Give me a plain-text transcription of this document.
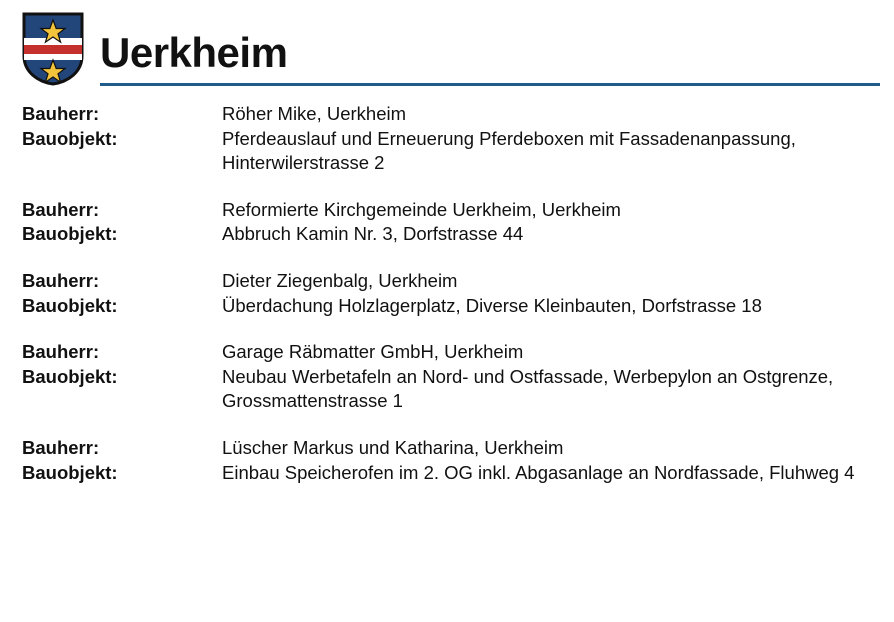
Uerkheim
Bauherr:	Röher Mike, Uerkheim
Bauobjekt:	Pferdeauslauf und Erneuerung Pferdeboxen mit Fassadenanpassung, Hinterwilerstrasse 2
Bauherr:	Reformierte Kirchgemeinde Uerkheim, Uerkheim
Bauobjekt:	Abbruch Kamin Nr. 3, Dorfstrasse 44
Bauherr:	Dieter Ziegenbalg, Uerkheim
Bauobjekt:	Überdachung Holzlagerplatz, Diverse Kleinbauten, Dorfstrasse 18
Bauherr:	Garage Räbmatter GmbH, Uerkheim
Bauobjekt:	Neubau Werbetafeln an Nord- und Ostfassade, Werbepylon an Ostgrenze, Grossmattenstrasse 1
Bauherr:	Lüscher Markus und Katharina, Uerkheim
Bauobjekt:	Einbau Speicherofen im 2. OG inkl. Abgasanlage an Nordfassade, Fluhweg 4
